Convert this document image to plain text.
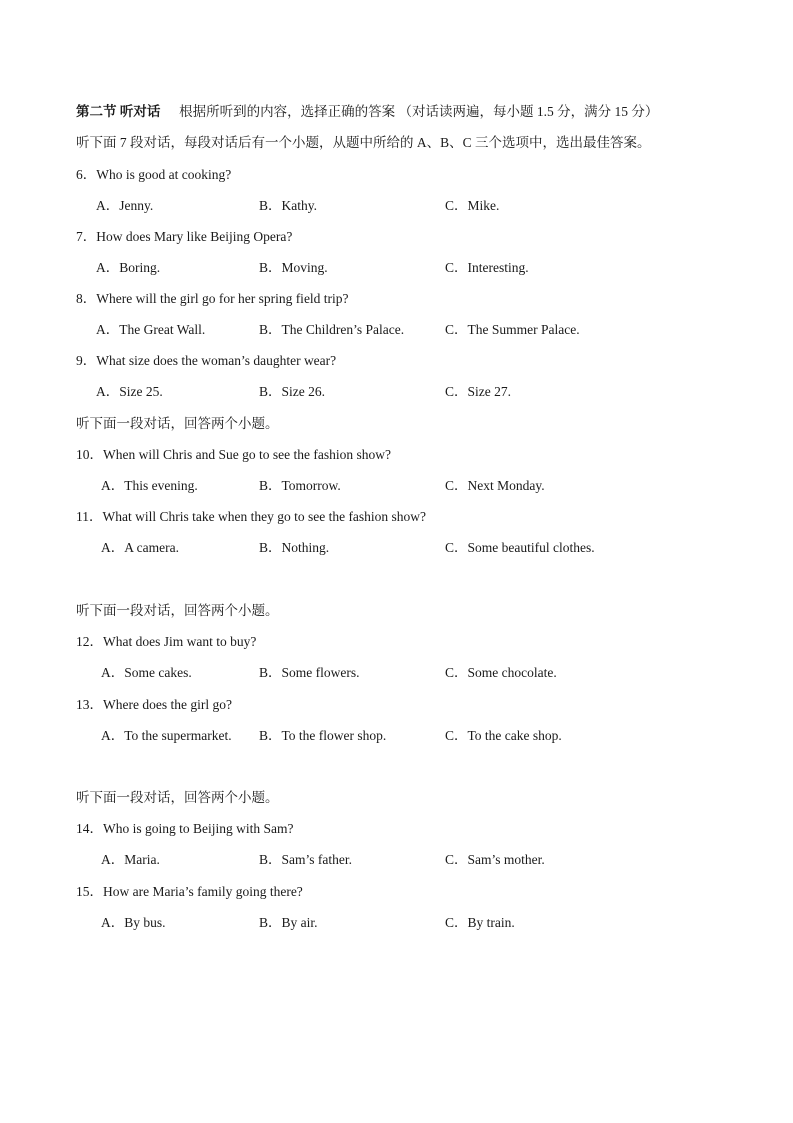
第二节 听对话 根据所听到的内容，选择正确的答案 （对话读两遍，每小题 1.5 分，满分 15 分）
听下面 7 段对话，每段对话后有一个小题，从题中所给的 A、B、C 三个选项中，选出最佳答案。
6．Who is good at cooking?
A．Jenny.	B．Kathy.	C．Mike.
7．How does Mary like Beijing Opera?
A．Boring.	B．Moving.	C．Interesting.
8．Where will the girl go for her spring field trip?
A．The Great Wall.	B．The Children’s Palace.	C．The Summer Palace.
9．What size does the woman’s daughter wear?
A．Size 25.	B．Size 26.	C．Size 27.
听下面一段对话，回答两个小题。
10．When will Chris and Sue go to see the fashion show?
A．This evening.	B．Tomorrow.	C．Next Monday.
11．What will Chris take when they go to see the fashion show?
A．A camera.	B．Nothing.	C．Some beautiful clothes.
听下面一段对话，回答两个小题。
12．What does Jim want to buy?
A．Some cakes.	B．Some flowers.	C．Some chocolate.
13．Where does the girl go?
A．To the supermarket. B．To the flower shop.	C．To the cake shop.
听下面一段对话，回答两个小题。
14．Who is going to Beijing with Sam?
A．Maria.	B．Sam’s father.	C．Sam’s mother.
15．How are Maria’s family going there?
A．By bus.	B．By air.	C．By train.
